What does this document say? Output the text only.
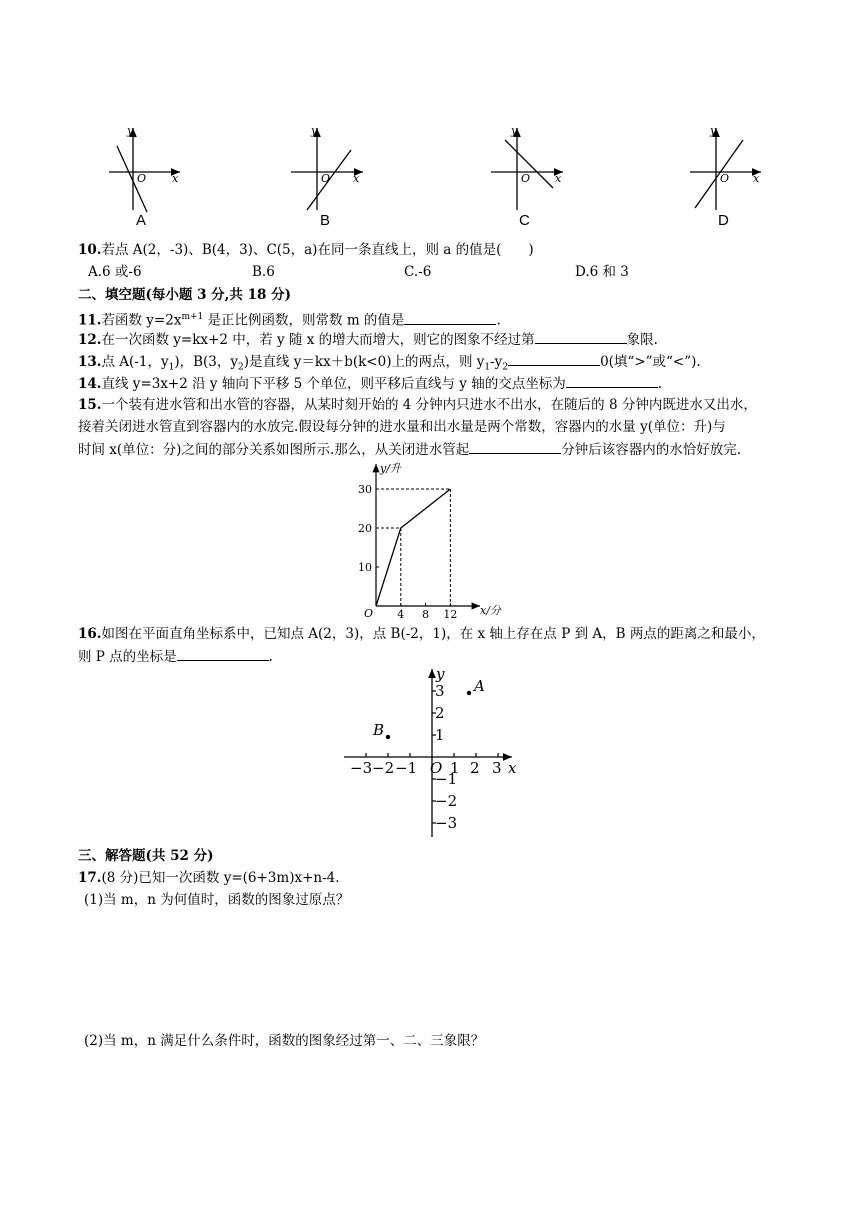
y
x
O
y
x
O
y
x
O
y
x
O
A	B	C	D
10.若点 A(2，-3)、B(4，3)、C(5，a)在同一条直线上，则 a 的值是(　　)
A.6 或-6	B.6	C.-6	D.6 和 3
二、填空题(每小题 3 分,共 18 分)
11.若函数 $y=2x^{m+1}$ 是正比例函数，则常数 m 的值是	.
12.在一次函数 y=kx+2 中，若 y 随 x 的增大而增大，则它的图象不经过第	象限.
13.点 A(-1，$y_1$)，B(3，$y_2$)是直线 y＝kx＋b(k<0)上的两点，则 $y_1-y_2$	0(填“>”或“<”).
14.直线 y=3x+2 沿 y 轴向下平移 5 个单位，则平移后直线与 y 轴的交点坐标为	.
15.一个装有进水管和出水管的容器，从某时刻开始的 4 分钟内只进水不出水，在随后的 8 分钟内既进水又出水，
接着关闭进水管直到容器内的水放完.假设每分钟的进水量和出水量是两个常数，容器内的水量 y(单位：升)与
时间 x(单位：分)之间的部分关系如图所示.那么，从关闭进水管起	分钟后该容器内的水恰好放完.
4 8 12
10
20
30
y/升
x/分
O
16.如图在平面直角坐标系中，已知点 A(2，3)，点 B(-2，1)，在 x 轴上存在点 P 到 A，B 两点的距离之和最小，
则 P 点的坐标是	.
−3 −2 −1 1 2 3
3
2
1
−1
−2
−3
O	x
y
A
B
三、解答题(共 52 分)
17.(8 分)已知一次函数 y=(6+3m)x+n-4.
(1)当 m，n 为何值时，函数的图象过原点？
(2)当 m，n 满足什么条件时，函数的图象经过第一、二、三象限？
